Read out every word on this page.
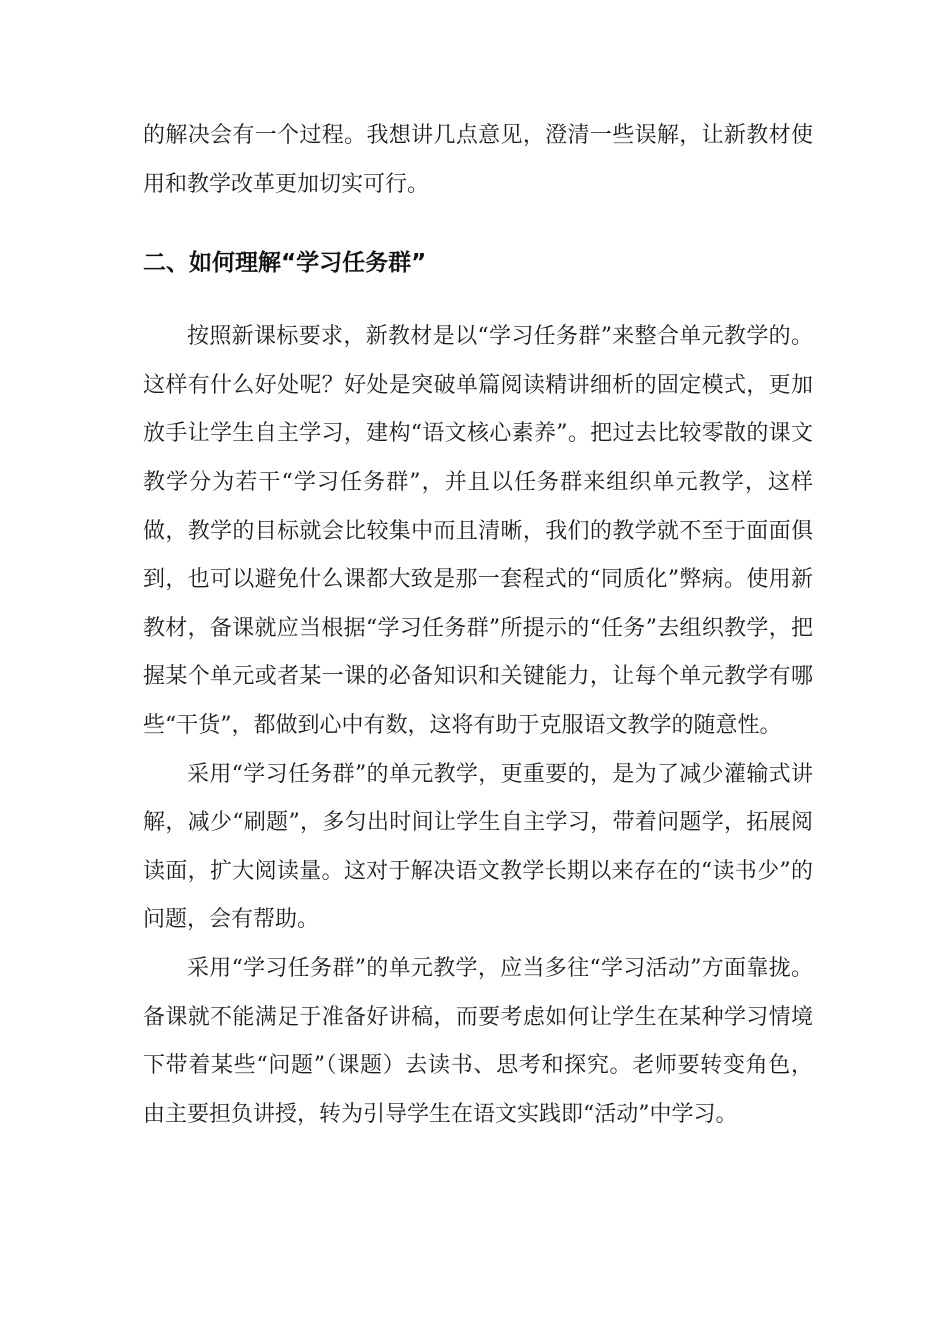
的解决会有一个过程。我想讲几点意见，澄清一些误解，让新教材使用和教学改革更加切实可行。

二、如何理解“学习任务群”

按照新课标要求，新教材是以“学习任务群”来整合单元教学的。这样有什么好处呢？好处是突破单篇阅读精讲细析的固定模式，更加放手让学生自主学习，建构“语文核心素养”。把过去比较零散的课文教学分为若干“学习任务群”，并且以任务群来组织单元教学，这样做，教学的目标就会比较集中而且清晰，我们的教学就不至于面面俱到，也可以避免什么课都大致是那一套程式的“同质化”弊病。使用新教材，备课就应当根据“学习任务群”所提示的“任务”去组织教学，把握某个单元或者某一课的必备知识和关键能力，让每个单元教学有哪些“干货”，都做到心中有数，这将有助于克服语文教学的随意性。

采用“学习任务群”的单元教学，更重要的，是为了减少灌输式讲解，减少“刷题”，多匀出时间让学生自主学习，带着问题学，拓展阅读面，扩大阅读量。这对于解决语文教学长期以来存在的“读书少”的问题，会有帮助。

采用“学习任务群”的单元教学，应当多往“学习活动”方面靠拢。备课就不能满足于准备好讲稿，而要考虑如何让学生在某种学习情境下带着某些“问题”（课题）去读书、思考和探究。老师要转变角色，由主要担负讲授，转为引导学生在语文实践即“活动”中学习。
